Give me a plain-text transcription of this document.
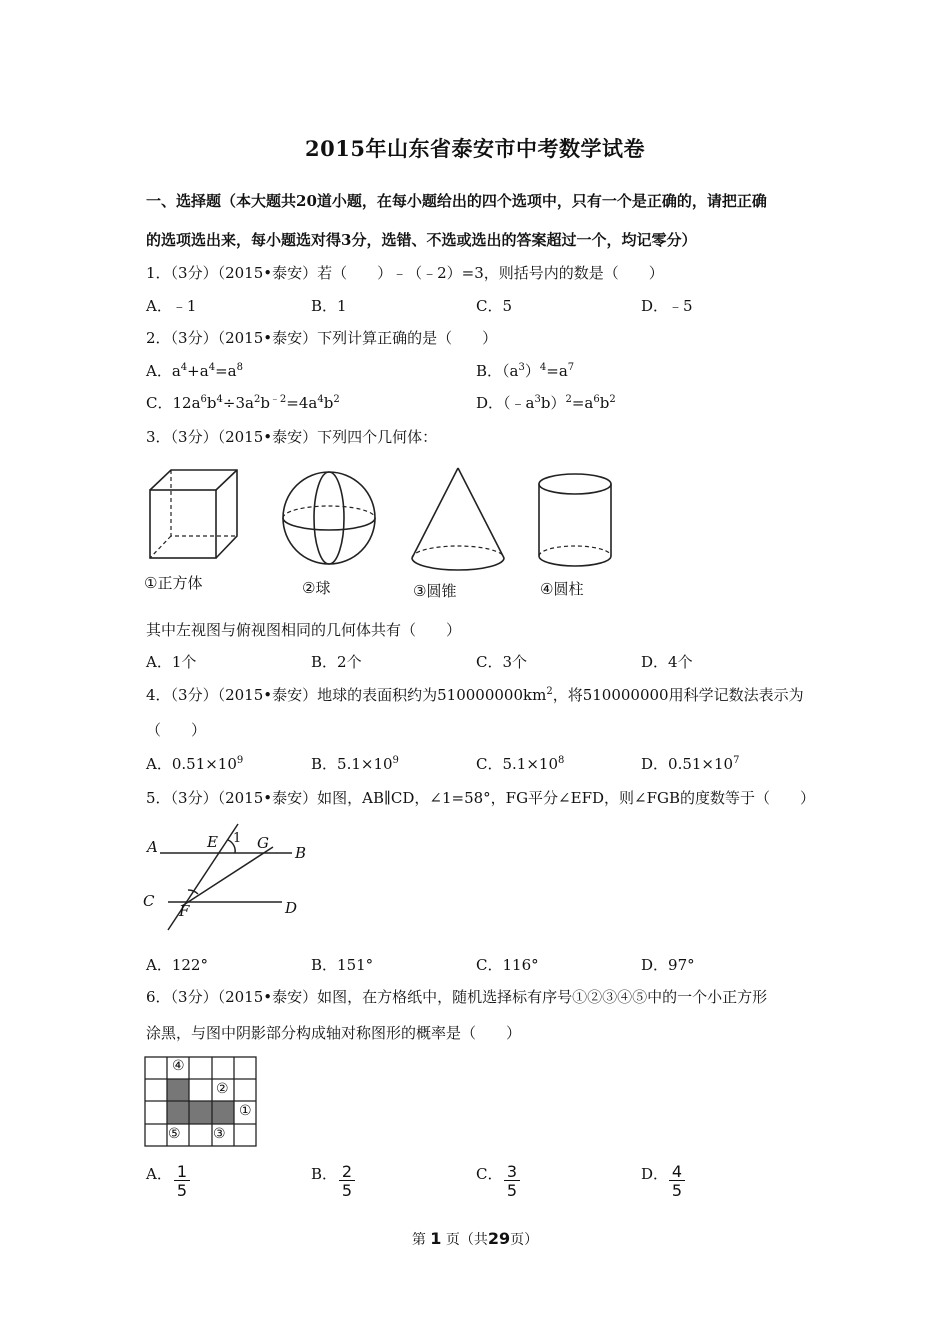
2015年山东省泰安市中考数学试卷
一、选择题（本大题共20道小题，在每小题给出的四个选项中，只有一个是正确的，请把正确
的选项选出来，每小题选对得3分，选错、不选或选出的答案超过一个，均记零分）
1．（3分）（2015•泰安）若（　　）﹣（﹣2）=3，则括号内的数是（　　）
A．﹣1	B．1	C．5	D．﹣5
2．（3分）（2015•泰安）下列计算正确的是（　　）
A．$a^4+a^4=a^8$	B．$(a^3)^4=a^7$
C．$12a^6b^4\div 3a^2b^{﹣2}=4a^4b^2$	D．$(﹣a^3b)^2=a^6b^2$
3．（3分）（2015•泰安）下列四个几何体：
①正方体	②球	③圆锥	④圆柱
其中左视图与俯视图相同的几何体共有（　　）
A．1个	B．2个	C．3个	D．4个
4．（3分）（2015•泰安）地球的表面积约为$510000000km^2$，将510000000用科学记数法表示为
（　　）
A．$0.51\times 10^9$	B．$5.1\times 10^9$	C．$5.1\times 10^8$	D．$0.51\times 10^7$
5．（3分）（2015•泰安）如图，AB∥CD，∠1=58°，FG平分∠EFD，则∠FGB的度数等于（　　）
A	E 1 G
B
C
F	D
A．122°	B．151°	C．116°	D．97°
6．（3分）（2015•泰安）如图，在方格纸中，随机选择标有序号①②③④⑤中的一个小正方形
涂黑，与图中阴影部分构成轴对称图形的概率是（　　）
④
②
①
⑤ ③
A． $\frac{1}{5}$	B． $\frac{2}{5}$	C． $\frac{3}{5}$	D． $\frac{4}{5}$
第 1 页（共29页）
